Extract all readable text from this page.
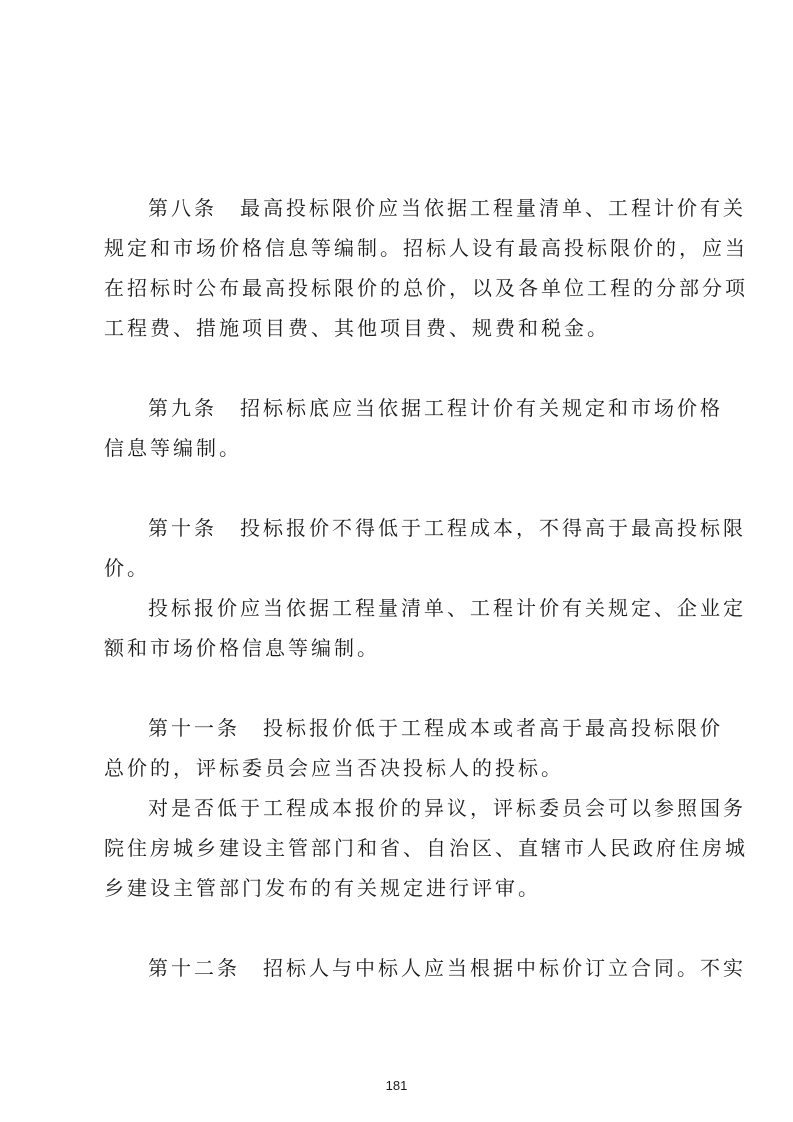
第八条　最高投标限价应当依据工程量清单、工程计价有关
规定和市场价格信息等编制。招标人设有最高投标限价的，应当
在招标时公布最高投标限价的总价，以及各单位工程的分部分项
工程费、措施项目费、其他项目费、规费和税金。
第九条　招标标底应当依据工程计价有关规定和市场价格
信息等编制。
第十条　投标报价不得低于工程成本，不得高于最高投标限
价。
投标报价应当依据工程量清单、工程计价有关规定、企业定
额和市场价格信息等编制。
第十一条　投标报价低于工程成本或者高于最高投标限价
总价的，评标委员会应当否决投标人的投标。
对是否低于工程成本报价的异议，评标委员会可以参照国务
院住房城乡建设主管部门和省、自治区、直辖市人民政府住房城
乡建设主管部门发布的有关规定进行评审。
第十二条　招标人与中标人应当根据中标价订立合同。不实
181
